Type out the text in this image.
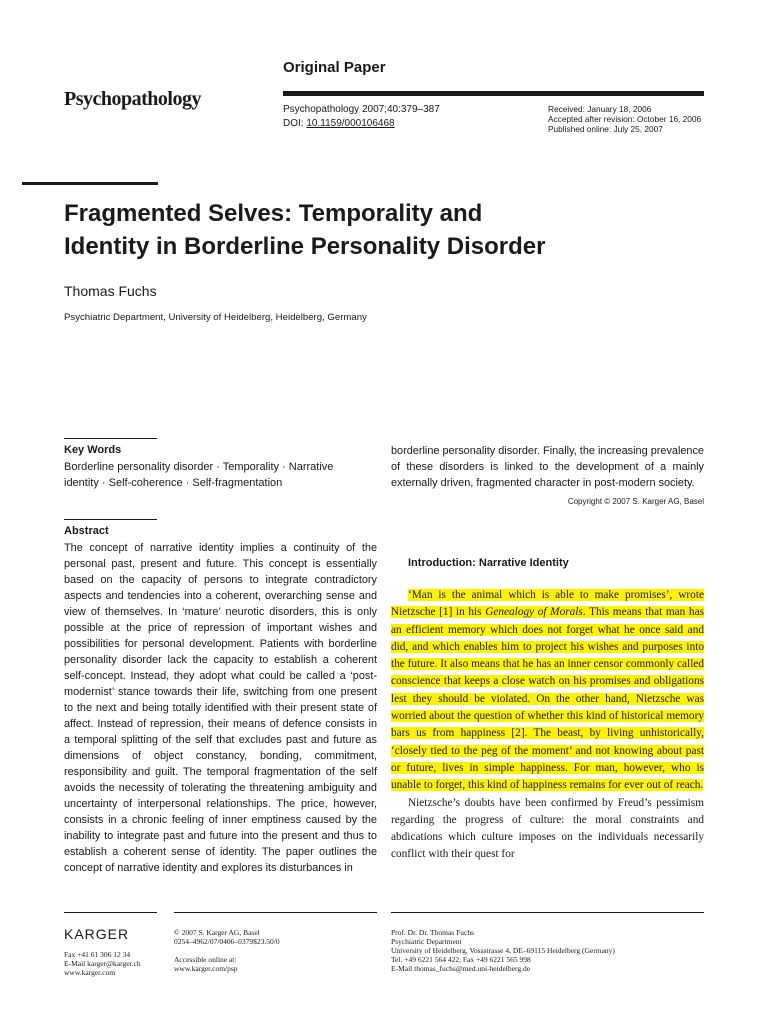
Psychopathology
Original Paper
Psychopathology 2007;40:379–387
DOI: 10.1159/000106468
Received: January 18, 2006
Accepted after revision: October 16, 2006
Published online: July 25, 2007
Fragmented Selves: Temporality and
Identity in Borderline Personality Disorder
Thomas Fuchs
Psychiatric Department, University of Heidelberg, Heidelberg, Germany
Key Words
Borderline personality disorder · Temporality · Narrative identity · Self-coherence · Self-fragmentation
Abstract
The concept of narrative identity implies a continuity of the personal past, present and future. This concept is essentially based on the capacity of persons to integrate contradictory aspects and tendencies into a coherent, overarching sense and view of themselves. In ‘mature’ neurotic disorders, this is only possible at the price of repression of important wishes and possibilities for personal development. Patients with borderline personality disorder lack the capacity to establish a coherent self-concept. Instead, they adopt what could be called a ‘post-modernist’ stance towards their life, switching from one present to the next and being totally identified with their present state of affect. Instead of repression, their means of defence consists in a temporal splitting of the self that excludes past and future as dimensions of object constancy, bonding, commitment, responsibility and guilt. The temporal fragmentation of the self avoids the necessity of tolerating the threatening ambiguity and uncertainty of interpersonal relationships. The price, however, consists in a chronic feeling of inner emptiness caused by the inability to integrate past and future into the present and thus to establish a coherent sense of identity. The paper outlines the concept of narrative identity and explores its disturbances in
borderline personality disorder. Finally, the increasing prevalence of these disorders is linked to the development of a mainly externally driven, fragmented character in post-modern society.
Copyright © 2007 S. Karger AG, Basel
Introduction: Narrative Identity

‘Man is the animal which is able to make promises’, wrote Nietzsche [1] in his Genealogy of Morals. This means that man has an efficient memory which does not forget what he once said and did, and which enables him to project his wishes and purposes into the future. It also means that he has an inner censor commonly called conscience that keeps a close watch on his promises and obligations lest they should be violated. On the other hand, Nietzsche was worried about the question of whether this kind of historical memory bars us from happiness [2]. The beast, by living unhistorically, ‘closely tied to the peg of the moment’ and not knowing about past or future, lives in simple happiness. For man, however, who is unable to forget, this kind of happiness remains for ever out of reach.

Nietzsche’s doubts have been confirmed by Freud’s pessimism regarding the progress of culture: the moral constraints and abdications which culture imposes on the individuals necessarily conflict with their quest for

KARGER
Fax +41 61 306 12 34
E-Mail karger@karger.ch
www.karger.com
© 2007 S. Karger AG, Basel
0254–4962/07/0406–0379$23.50/0
Accessible online at:
www.karger.com/psp
Prof. Dr. Dr. Thomas Fuchs
Psychiatric Department
University of Heidelberg, Vossstrasse 4, DE–69115 Heidelberg (Germany)
Tel. +49 6221 564 422, Fax +49 6221 565 998
E-Mail thomas_fuchs@med.uni-heidelberg.de
